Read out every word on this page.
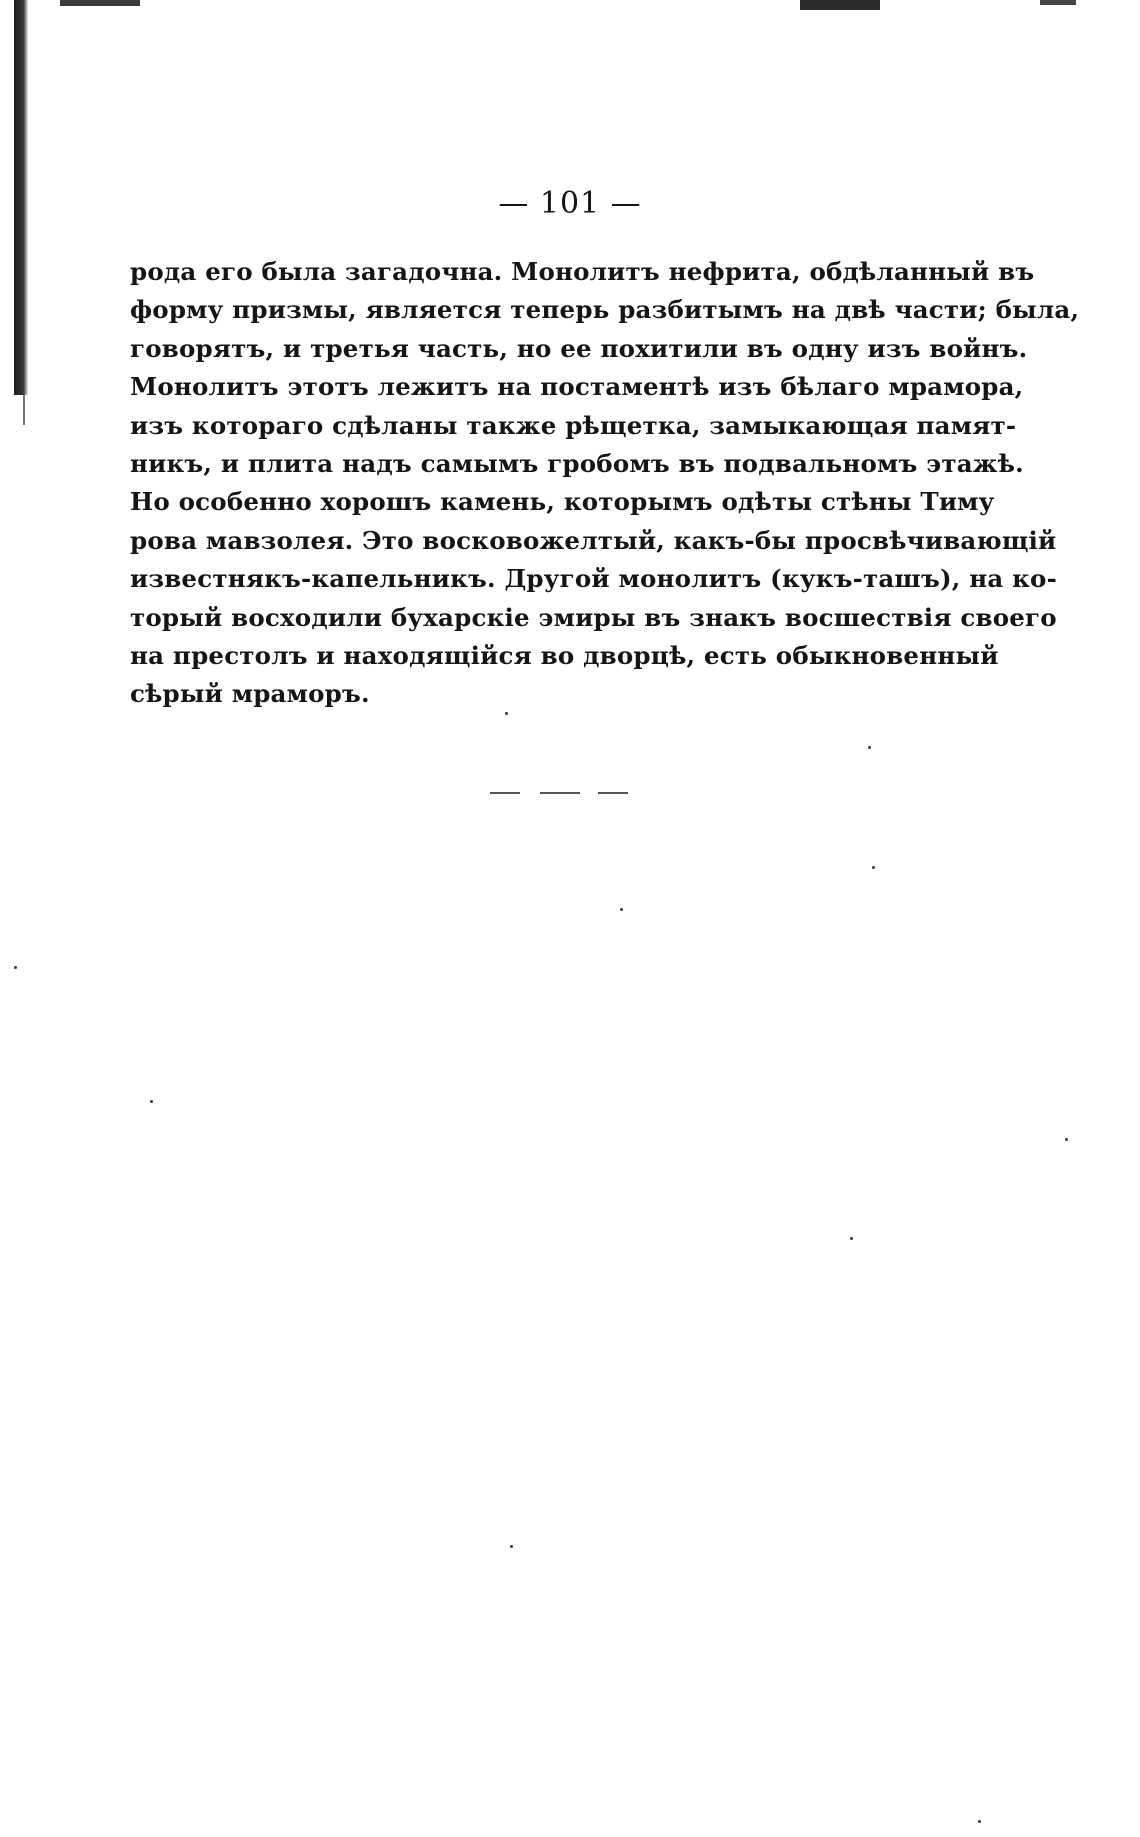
— 101 —
рода его была загадочна. Монолитъ нефрита, обдѣланный въ
форму призмы, является теперь разбитымъ на двѣ части; была,
говорятъ, и третья часть, но ее похитили въ одну изъ войнъ.
Монолитъ этотъ лежитъ на постаментѣ изъ бѣлаго мрамора,
изъ котораго сдѣланы также рѣщетка, замыкающая памят-
никъ, и плита надъ самымъ гробомъ въ подвальномъ этажѣ.
Но особенно хорошъ камень, которымъ одѣты стѣны Тиму
рова мавзолея. Это восковожелтый, какъ-бы просвѣчивающій
известнякъ-капельникъ. Другой монолитъ (кукъ-ташъ), на ко-
торый восходили бухарскіе эмиры въ знакъ восшествія своего
на престолъ и находящійся во дворцѣ, есть обыкновенный
сѣрый мраморъ.
